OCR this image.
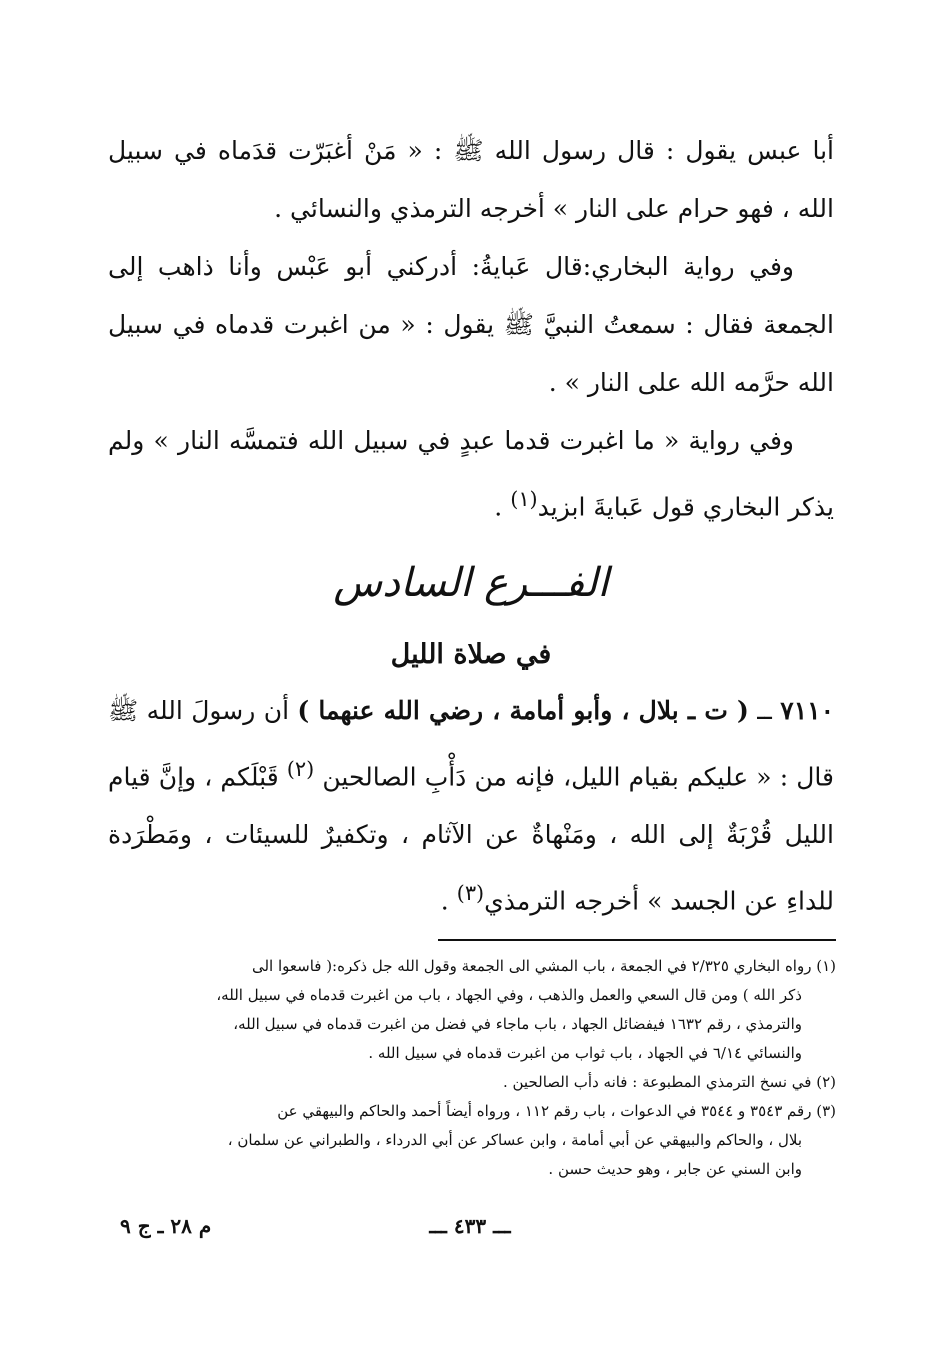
أبا عبس يقول : قال رسول الله ﷺ : « مَنْ أغبَرّت قدَماه في سبيل الله ، فهو حرام على النار » أخرجه الترمذي والنسائي .

وفي رواية البخاري:قال عَبايةُ: أدركني أبو عَبْس وأنا ذاهب إلى الجمعة فقال : سمعتُ النبيَّ ﷺ يقول : « من اغبرت قدماه في سبيل الله حرَّمه الله على النار » .

وفي رواية « ما اغبرت قدما عبدٍ في سبيل الله فتمسَّه النار » ولم يذكر البخاري قول عَبايةَ ابزيد$^{(١)}$ .

الفـــرع السادس
في صلاة الليل

٧١١٠ ــ ( ت ـ بلال ، وأبو أمامة ، رضي الله عنهما ) أن رسولَ الله ﷺ قال : « عليكم بقيام الليل، فإنه من دَأْبِ الصالحين $^{(٢)}$ قَبْلَكم ، وإنَّ قيام الليل قُرْبَةٌ إلى الله ، ومَنْهاةٌ عن الآثام ، وتكفيرٌ للسيئات ، ومَطْرَدة للداءِ عن الجسد » أخرجه الترمذي$^{(٣)}$ .

(١) رواه البخاري ٢/٣٢٥ في الجمعة ، باب المشي الى الجمعة وقول الله جل ذكره:( فاسعوا الى
ذكر الله ) ومن قال السعي والعمل والذهب ، وفي الجهاد ، باب من اغبرت قدماه في سبيل الله،
والترمذي ، رقم ١٦٣٢ فيفضائل الجهاد ، باب ماجاء في فضل من اغبرت قدماه في سبيل الله،
والنسائي ٦/١٤ في الجهاد ، باب ثواب من اغبرت قدماه في سبيل الله .

(٢) في نسخ الترمذي المطبوعة : فانه دأب الصالحين .

(٣) رقم ٣٥٤٣ و ٣٥٤٤ في الدعوات ، باب رقم ١١٢ ، ورواه أيضاً أحمد والحاكم والبيهقي عن
بلال ، والحاكم والبيهقي عن أبي أمامة ، وابن عساكر عن أبي الدرداء ، والطبراني عن سلمان ،
وابن السني عن جابر ، وهو حديث حسن .

ـــ ٤٣٣ ـــ
م ٢٨ ـ ج ٩
